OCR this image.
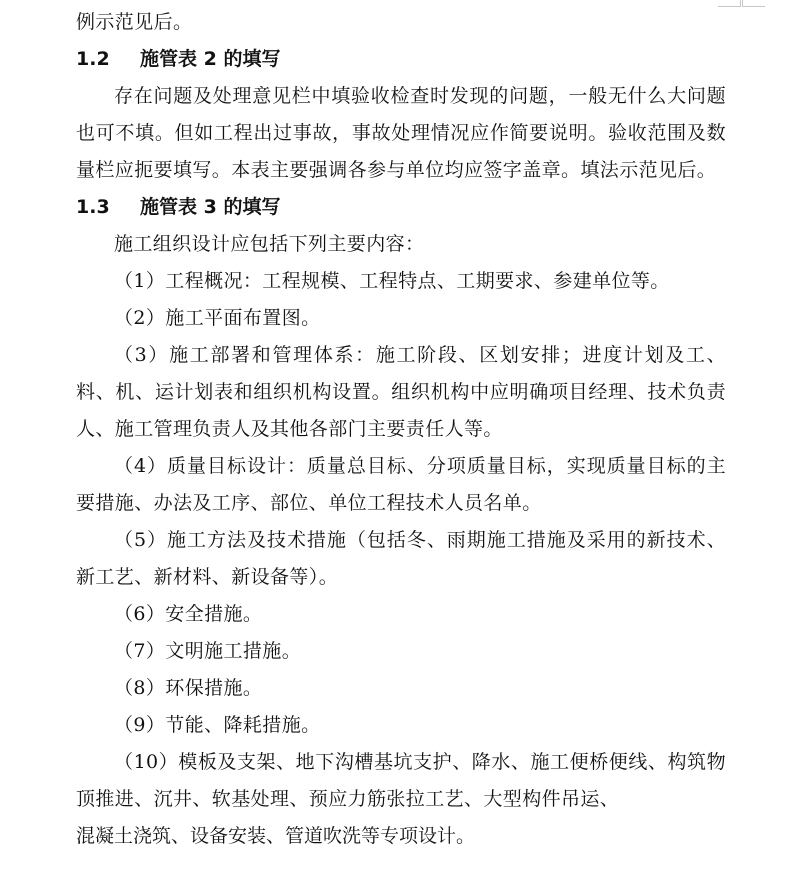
例示范见后。

1.2 施管表 2 的填写

存在问题及处理意见栏中填验收检查时发现的问题，一般无什么大问题也可不填。但如工程出过事故，事故处理情况应作简要说明。验收范围及数量栏应扼要填写。本表主要强调各参与单位均应签字盖章。填法示范见后。

1.3 施管表 3 的填写

施工组织设计应包括下列主要内容：

（1）工程概况：工程规模、工程特点、工期要求、参建单位等。

（2）施工平面布置图。

（3）施工部署和管理体系：施工阶段、区划安排；进度计划及工、料、机、运计划表和组织机构设置。组织机构中应明确项目经理、技术负责人、施工管理负责人及其他各部门主要责任人等。

（4）质量目标设计：质量总目标、分项质量目标，实现质量目标的主要措施、办法及工序、部位、单位工程技术人员名单。

（5）施工方法及技术措施（包括冬、雨期施工措施及采用的新技术、新工艺、新材料、新设备等）。

（6）安全措施。

（7）文明施工措施。

（8）环保措施。

（9）节能、降耗措施。

（10）模板及支架、地下沟槽基坑支护、降水、施工便桥便线、构筑物顶推进、沉井、软基处理、预应力筋张拉工艺、大型构件吊运、

混凝土浇筑、设备安装、管道吹洗等专项设计。
